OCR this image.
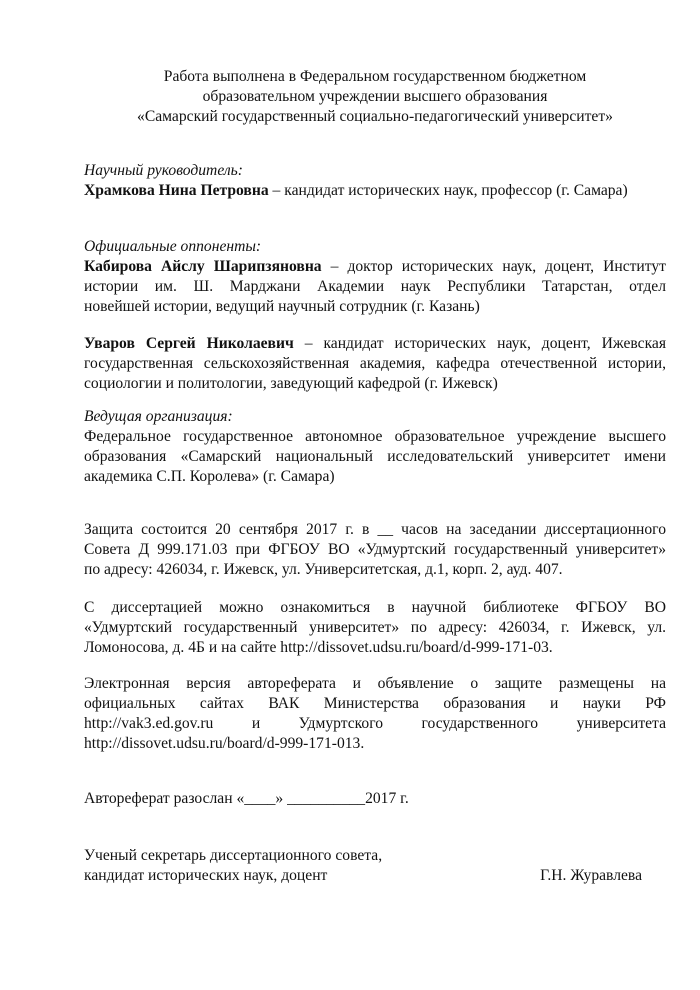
Работа выполнена в Федеральном государственном бюджетном
образовательном учреждении высшего образования
«Самарский государственный социально-педагогический университет»
Научный руководитель:
Храмкова Нина Петровна – кандидат исторических наук, профессор (г. Самара)
Официальные оппоненты:
Кабирова Айслу Шарипзяновна – доктор исторических наук, доцент, Институт
истории им. Ш. Марджани Академии наук Республики Татарстан, отдел
новейшей истории, ведущий научный сотрудник (г. Казань)
Уваров Сергей Николаевич – кандидат исторических наук, доцент, Ижевская
государственная сельскохозяйственная академия, кафедра отечественной истории,
социологии и политологии, заведующий кафедрой (г. Ижевск)
Ведущая организация:
Федеральное государственное автономное образовательное учреждение высшего
образования «Самарский национальный исследовательский университет имени
академика С.П. Королева» (г. Самара)
Защита состоится 20 сентября 2017 г. в __ часов на заседании диссертационного
Совета Д 999.171.03 при ФГБОУ ВО «Удмуртский государственный университет»
по адресу: 426034, г. Ижевск, ул. Университетская, д.1, корп. 2, ауд. 407.
С диссертацией можно ознакомиться в научной библиотеке ФГБОУ ВО
«Удмуртский государственный университет» по адресу: 426034, г. Ижевск, ул.
Ломоносова, д. 4Б и на сайте http://dissovet.udsu.ru/board/d-999-171-03.
Электронная версия автореферата и объявление о защите размещены на
официальных сайтах ВАК Министерства образования и науки РФ
http://vak3.ed.gov.ru и Удмуртского государственного университета
http://dissovet.udsu.ru/board/d-999-171-013.
Автореферат разослан «____» __________2017 г.
Ученый секретарь диссертационного совета,
кандидат исторических наук, доцент	Г.Н. Журавлева
